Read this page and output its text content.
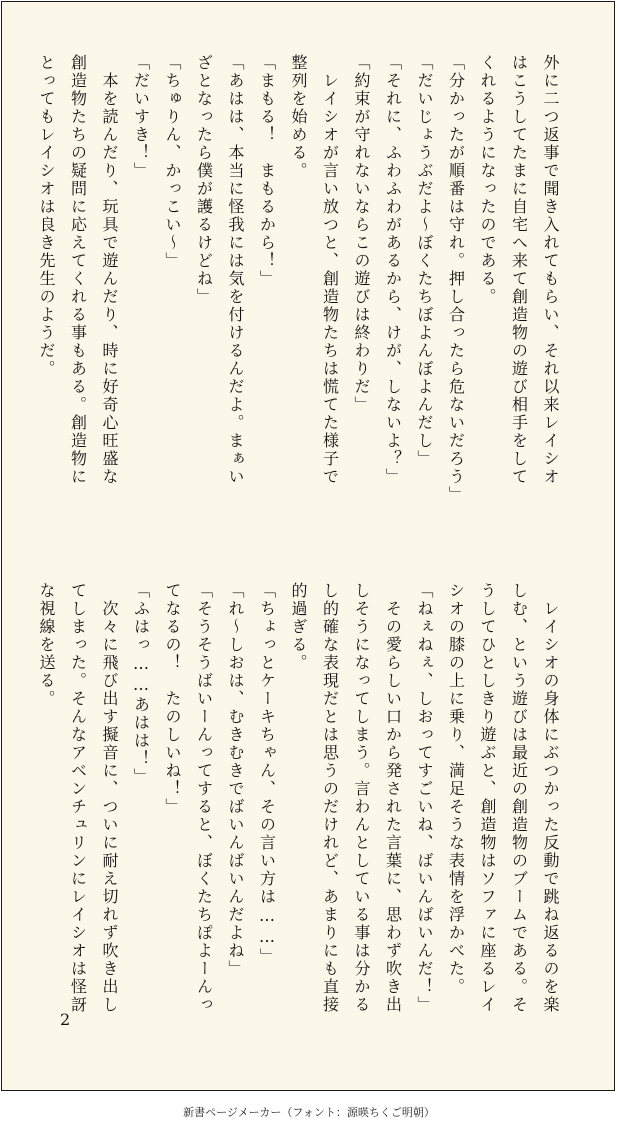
外に二つ返事で聞き入れてもらい、それ以来レイシオ
はこうしてたまに自宅へ来て創造物の遊び相手をして
くれるようになったのである。
「分かったが順番は守れ。押し合ったら危ないだろう」
「だいじょうぶだよ〜ぼくたちぼよんぼよんだし」
「それに、ふわふわがあるから、けが、しないよ？」
「約束が守れないならこの遊びは終わりだ」
　レイシオが言い放つと、創造物たちは慌てた様子で
整列を始める。
「まもる！　まもるから！」
「あはは、本当に怪我には気を付けるんだよ。まぁい
ざとなったら僕が護るけどね」
「ちゅりん、かっこい〜」
「だいすき！」
　本を読んだり、玩具で遊んだり、時に好奇心旺盛な
創造物たちの疑問に応えてくれる事もある。創造物に
とってもレイシオは良き先生のようだ。
　レイシオの身体にぶつかった反動で跳ね返るのを楽
しむ、という遊びは最近の創造物のブームである。そ
うしてひとしきり遊ぶと、創造物はソファに座るレイ
シオの膝の上に乗り、満足そうな表情を浮かべた。
「ねぇねぇ、しおってすごいね、ばいんばいんだ！」
　その愛らしい口から発された言葉に、思わず吹き出
しそうになってしまう。言わんとしている事は分かる
し的確な表現だとは思うのだけれど、あまりにも直接
的過ぎる。
「ちょっとケーキちゃん、その言い方は……」
「れ〜しおは、むきむきでばいんばいんだよね」
「そうそうばいーんってすると、ぼくたちぽよーんっ
てなるの！　たのしいね！」
「ふはっ……あはは！」
　次々に飛び出す擬音に、ついに耐え切れず吹き出し
てしまった。そんなアベンチュリンにレイシオは怪訝
な視線を送る。
2
新書ページメーカー（フォント：源暎ちくご明朝）
